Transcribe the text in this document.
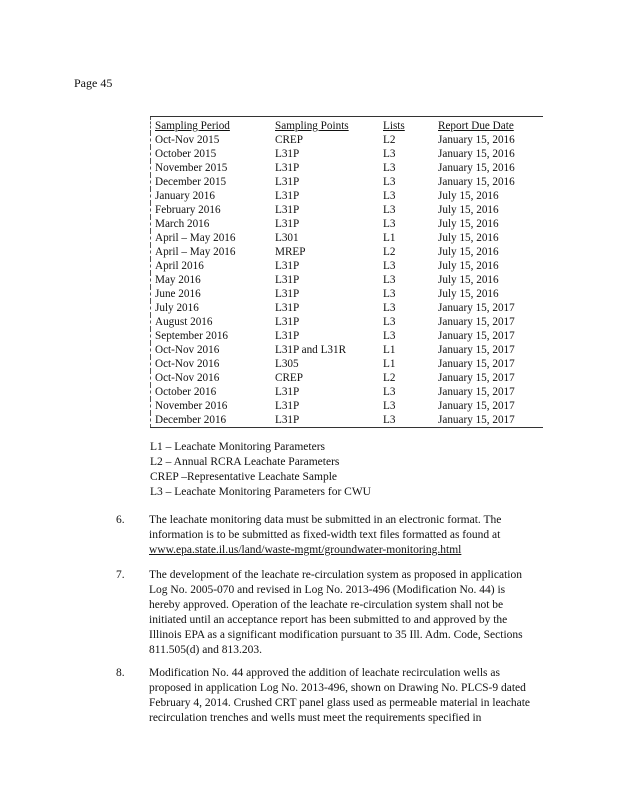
Page 45
Sampling Period	Sampling Points	Lists	Report Due Date
Oct-Nov 2015	CREP	L2	January 15, 2016
October 2015	L31P	L3	January 15, 2016
November 2015	L31P	L3	January 15, 2016
December 2015	L31P	L3	January 15, 2016
January 2016	L31P	L3	July 15, 2016
February 2016	L31P	L3	July 15, 2016
March 2016	L31P	L3	July 15, 2016
April – May 2016	L301	L1	July 15, 2016
April – May 2016	MREP	L2	July 15, 2016
April 2016	L31P	L3	July 15, 2016
May 2016	L31P	L3	July 15, 2016
June 2016	L31P	L3	July 15, 2016
July 2016	L31P	L3	January 15, 2017
August 2016	L31P	L3	January 15, 2017
September 2016	L31P	L3	January 15, 2017
Oct-Nov 2016	L31P and L31R	L1	January 15, 2017
Oct-Nov 2016	L305	L1	January 15, 2017
Oct-Nov 2016	CREP	L2	January 15, 2017
October 2016	L31P	L3	January 15, 2017
November 2016	L31P	L3	January 15, 2017
December 2016	L31P	L3	January 15, 2017
L1 – Leachate Monitoring Parameters
L2 – Annual RCRA Leachate Parameters
CREP –Representative Leachate Sample
L3 – Leachate Monitoring Parameters for CWU
6. The leachate monitoring data must be submitted in an electronic format. The information is to be submitted as fixed-width text files formatted as found at
www.epa.state.il.us/land/waste-mgmt/groundwater-monitoring.html
7. The development of the leachate re-circulation system as proposed in application Log No. 2005-070 and revised in Log No. 2013-496 (Modification No. 44) is hereby approved. Operation of the leachate re-circulation system shall not be initiated until an acceptance report has been submitted to and approved by the Illinois EPA as a significant modification pursuant to 35 Ill. Adm. Code, Sections 811.505(d) and 813.203.
8. Modification No. 44 approved the addition of leachate recirculation wells as proposed in application Log No. 2013-496, shown on Drawing No. PLCS-9 dated February 4, 2014. Crushed CRT panel glass used as permeable material in leachate recirculation trenches and wells must meet the requirements specified in
